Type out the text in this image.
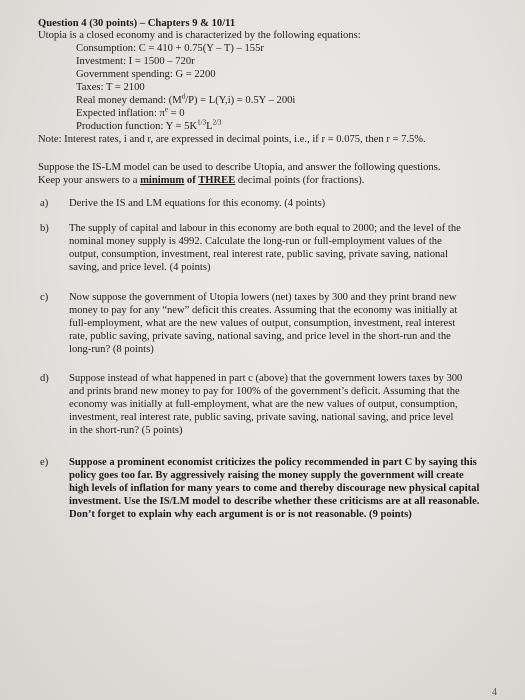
Question 4 (30 points) – Chapters 9 & 10/11
Utopia is a closed economy and is characterized by the following equations:
Consumption: C = 410 + 0.75(Y – T) – 155r
Investment: I = 1500 – 720r
Government spending: G = 2200
Taxes: T = 2100
Real money demand: $(M^d/P) = L(Y,i) = 0.5Y - 200i$
Expected inflation: $\pi^e = 0$
Production function: $Y = 5K^{1/3}L^{2/3}$
Note: Interest rates, i and r, are expressed in decimal points, i.e., if r = 0.075, then r = 7.5%.
Suppose the IS-LM model can be used to describe Utopia, and answer the following questions.
Keep your answers to a minimum of THREE decimal points (for fractions).
a) Derive the IS and LM equations for this economy. (4 points)
b) The supply of capital and labour in this economy are both equal to 2000; and the level of the
nominal money supply is 4992. Calculate the long-run or full-employment values of the
output, consumption, investment, real interest rate, public saving, private saving, national
saving, and price level. (4 points)
c) Now suppose the government of Utopia lowers (net) taxes by 300 and they print brand new
money to pay for any “new” deficit this creates. Assuming that the economy was initially at
full-employment, what are the new values of output, consumption, investment, real interest
rate, public saving, private saving, national saving, and price level in the short-run and the
long-run? (8 points)
d) Suppose instead of what happened in part c (above) that the government lowers taxes by 300
and prints brand new money to pay for 100% of the government’s deficit. Assuming that the
economy was initially at full-employment, what are the new values of output, consumption,
investment, real interest rate, public saving, private saving, national saving, and price level
in the short-run? (5 points)
e) Suppose a prominent economist criticizes the policy recommended in part C by saying this
policy goes too far. By aggressively raising the money supply the government will create
high levels of inflation for many years to come and thereby discourage new physical capital
investment. Use the IS/LM model to describe whether these criticisms are at all reasonable.
Don’t forget to explain why each argument is or is not reasonable. (9 points)
4
